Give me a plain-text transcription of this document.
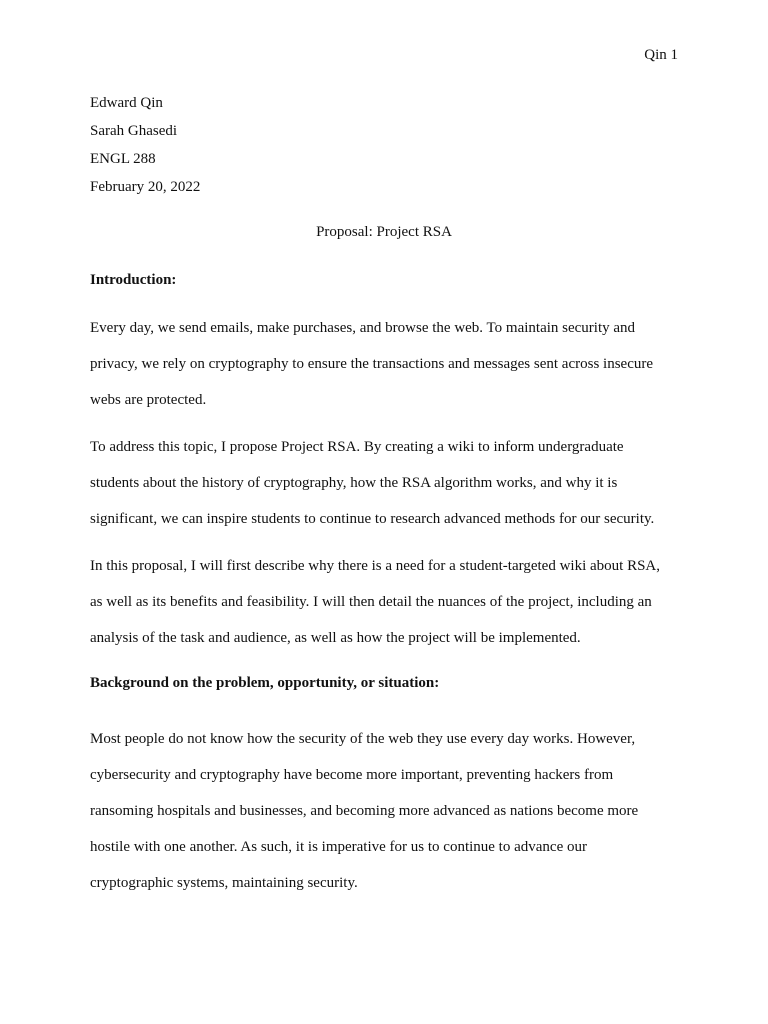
Qin 1
Edward Qin
Sarah Ghasedi
ENGL 288
February 20, 2022
Proposal: Project RSA
Introduction:
Every day, we send emails, make purchases, and browse the web. To maintain security and
privacy, we rely on cryptography to ensure the transactions and messages sent across insecure
webs are protected.
To address this topic, I propose Project RSA. By creating a wiki to inform undergraduate
students about the history of cryptography, how the RSA algorithm works, and why it is
significant, we can inspire students to continue to research advanced methods for our security.
In this proposal, I will first describe why there is a need for a student-targeted wiki about RSA,
as well as its benefits and feasibility. I will then detail the nuances of the project, including an
analysis of the task and audience, as well as how the project will be implemented.
Background on the problem, opportunity, or situation:
Most people do not know how the security of the web they use every day works. However,
cybersecurity and cryptography have become more important, preventing hackers from
ransoming hospitals and businesses, and becoming more advanced as nations become more
hostile with one another. As such, it is imperative for us to continue to advance our
cryptographic systems, maintaining security.
